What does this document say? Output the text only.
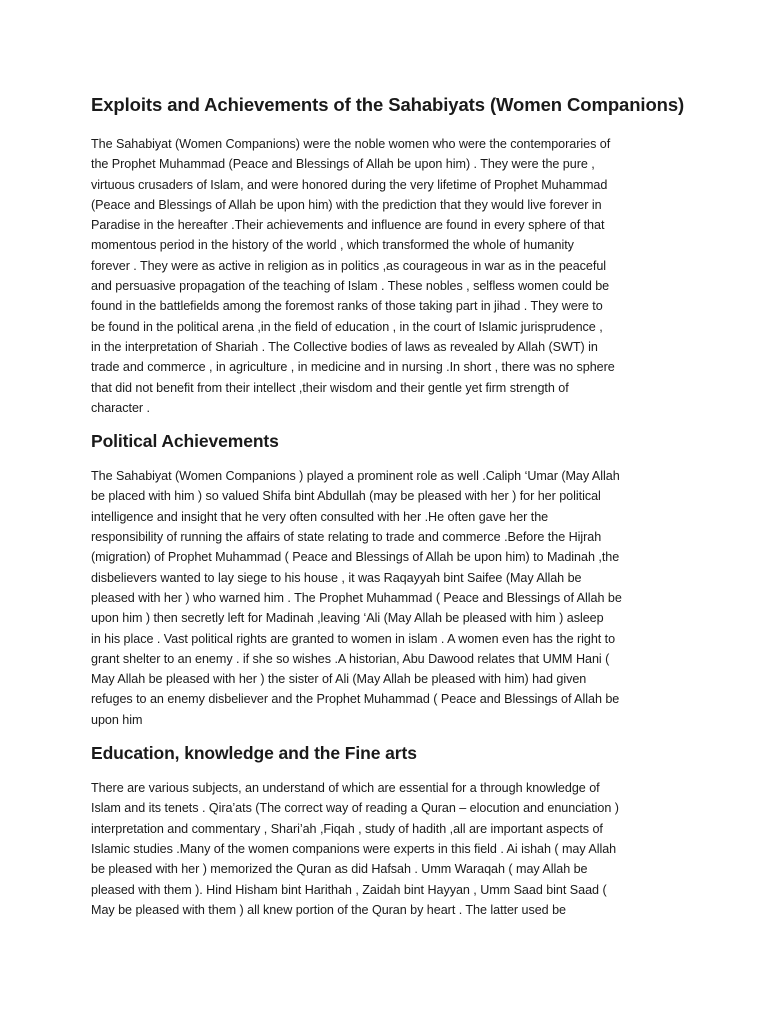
Exploits and Achievements of the Sahabiyats (Women Companions)
The Sahabiyat (Women Companions) were the noble women who were the contemporaries of
the Prophet Muhammad (Peace and Blessings of Allah be upon him) . They were the pure ,
virtuous crusaders of Islam, and were honored during the very lifetime of Prophet Muhammad
(Peace and Blessings of Allah be upon him) with the prediction that they would live forever in
Paradise in the hereafter .Their achievements and influence are found in every sphere of that
momentous period in the history of the world , which transformed the whole of humanity
forever . They were as active in religion as in politics ,as courageous in war as in the peaceful
and persuasive propagation of the teaching of Islam . These nobles , selfless women could be
found in the battlefields among the foremost ranks of those taking part in jihad . They were to
be found in the political arena ,in the field of education , in the court of Islamic jurisprudence ,
in the interpretation of Shariah . The Collective bodies of laws as revealed by Allah (SWT) in
trade and commerce , in agriculture , in medicine and in nursing .In short , there was no sphere
that did not benefit from their intellect ,their wisdom and their gentle yet firm strength of
character .
Political Achievements
The Sahabiyat (Women Companions ) played a prominent role as well .Caliph ‘Umar (May Allah
be placed with him ) so valued Shifa bint Abdullah (may be pleased with her ) for her political
intelligence and insight that he very often consulted with her .He often gave her the
responsibility of running the affairs of state relating to trade and commerce .Before the Hijrah
(migration) of Prophet Muhammad ( Peace and Blessings of Allah be upon him) to Madinah ,the
disbelievers wanted to lay siege to his house , it was Raqayyah bint Saifee (May Allah be
pleased with her ) who warned him . The Prophet Muhammad ( Peace and Blessings of Allah be
upon him ) then secretly left for Madinah ,leaving ‘Ali (May Allah be pleased with him ) asleep
in his place . Vast political rights are granted to women in islam . A women even has the right to
grant shelter to an enemy . if she so wishes .A historian, Abu Dawood relates that UMM Hani (
May Allah be pleased with her ) the sister of Ali (May Allah be pleased with him) had given
refuges to an enemy disbeliever and the Prophet Muhammad ( Peace and Blessings of Allah be
upon him
Education, knowledge and the Fine arts
There are various subjects, an understand of which are essential for a through knowledge of
Islam and its tenets . Qira’ats (The correct way of reading a Quran – elocution and enunciation )
interpretation and commentary , Shari’ah ,Fiqah , study of hadith ,all are important aspects of
Islamic studies .Many of the women companions were experts in this field . Ai ishah ( may Allah
be pleased with her ) memorized the Quran as did Hafsah . Umm Waraqah ( may Allah be
pleased with them ). Hind Hisham bint Harithah , Zaidah bint Hayyan , Umm Saad bint Saad (
May be pleased with them ) all knew portion of the Quran by heart . The latter used be
